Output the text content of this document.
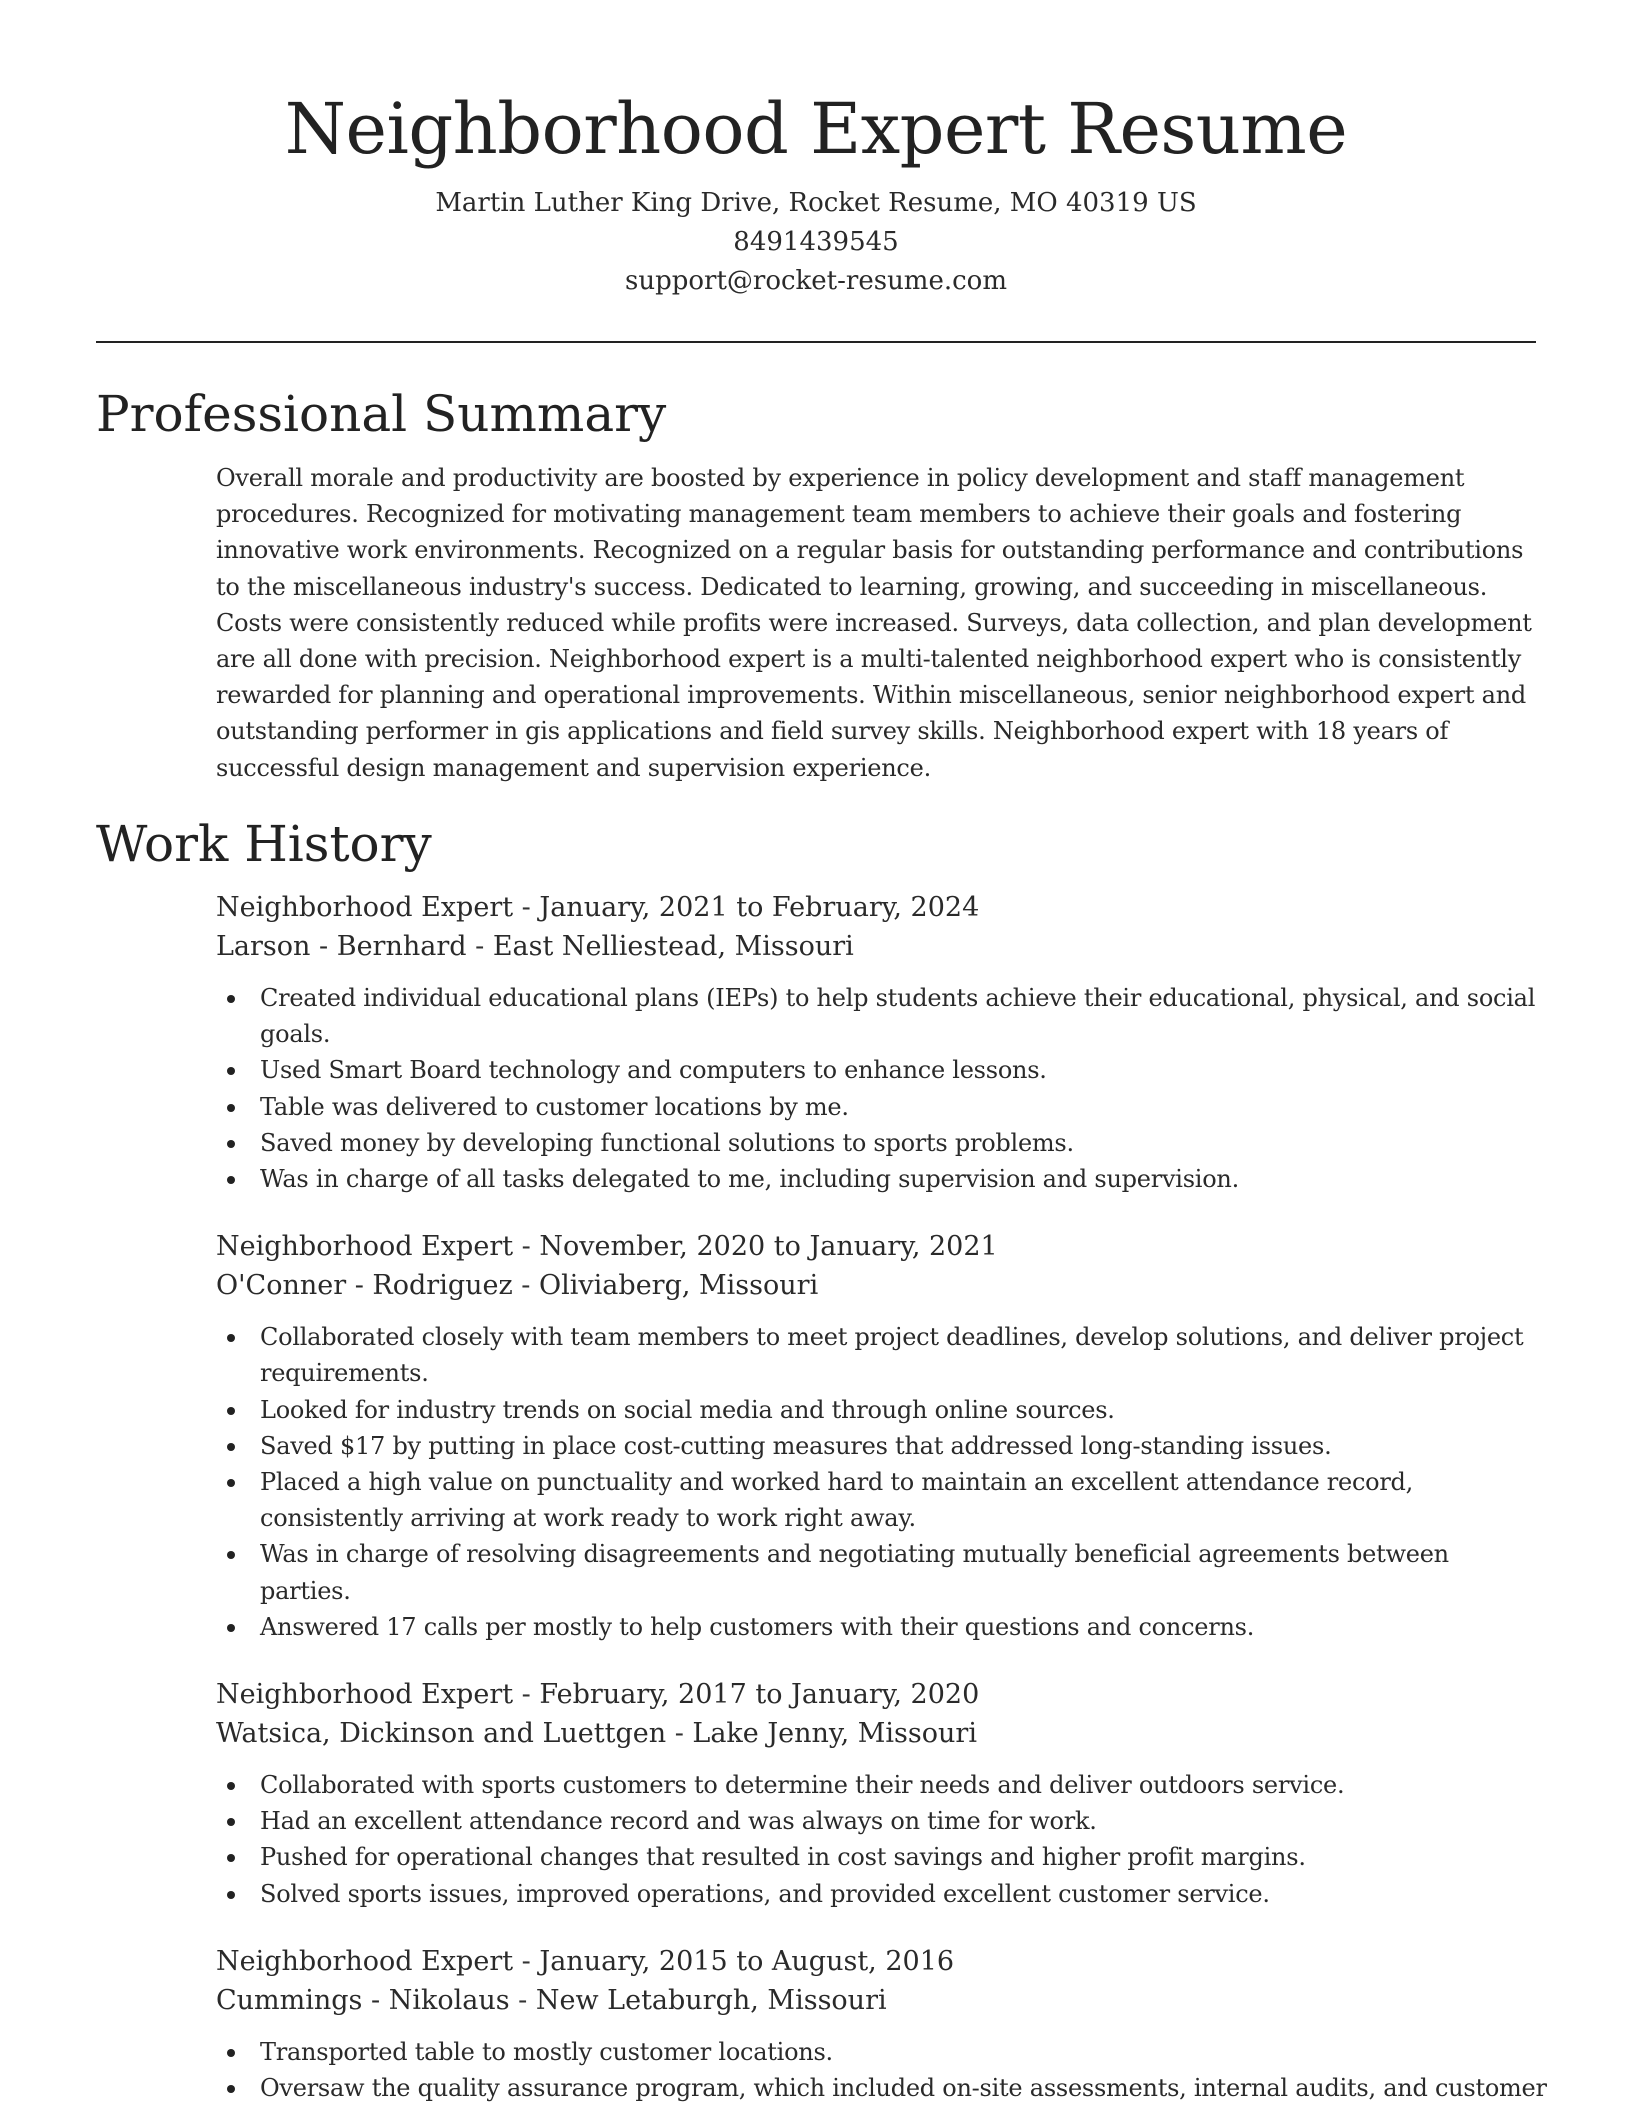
Neighborhood Expert Resume
Martin Luther King Drive, Rocket Resume, MO 40319 US
8491439545
support@rocket-resume.com
Professional Summary
Overall morale and productivity are boosted by experience in policy development and staff management
procedures. Recognized for motivating management team members to achieve their goals and fostering
innovative work environments. Recognized on a regular basis for outstanding performance and contributions
to the miscellaneous industry's success. Dedicated to learning, growing, and succeeding in miscellaneous.
Costs were consistently reduced while profits were increased. Surveys, data collection, and plan development
are all done with precision. Neighborhood expert is a multi-talented neighborhood expert who is consistently
rewarded for planning and operational improvements. Within miscellaneous, senior neighborhood expert and
outstanding performer in gis applications and field survey skills. Neighborhood expert with 18 years of
successful design management and supervision experience.
Work History
Neighborhood Expert - January, 2021 to February, 2024
Larson - Bernhard - East Nelliestead, Missouri
Created individual educational plans (IEPs) to help students achieve their educational, physical, and social
goals.
Used Smart Board technology and computers to enhance lessons.
Table was delivered to customer locations by me.
Saved money by developing functional solutions to sports problems.
Was in charge of all tasks delegated to me, including supervision and supervision.
Neighborhood Expert - November, 2020 to January, 2021
O'Conner - Rodriguez - Oliviaberg, Missouri
Collaborated closely with team members to meet project deadlines, develop solutions, and deliver project
requirements.
Looked for industry trends on social media and through online sources.
Saved $17 by putting in place cost-cutting measures that addressed long-standing issues.
Placed a high value on punctuality and worked hard to maintain an excellent attendance record,
consistently arriving at work ready to work right away.
Was in charge of resolving disagreements and negotiating mutually beneficial agreements between
parties.
Answered 17 calls per mostly to help customers with their questions and concerns.
Neighborhood Expert - February, 2017 to January, 2020
Watsica, Dickinson and Luettgen - Lake Jenny, Missouri
Collaborated with sports customers to determine their needs and deliver outdoors service.
Had an excellent attendance record and was always on time for work.
Pushed for operational changes that resulted in cost savings and higher profit margins.
Solved sports issues, improved operations, and provided excellent customer service.
Neighborhood Expert - January, 2015 to August, 2016
Cummings - Nikolaus - New Letaburgh, Missouri
Transported table to mostly customer locations.
Oversaw the quality assurance program, which included on-site assessments, internal audits, and customer
